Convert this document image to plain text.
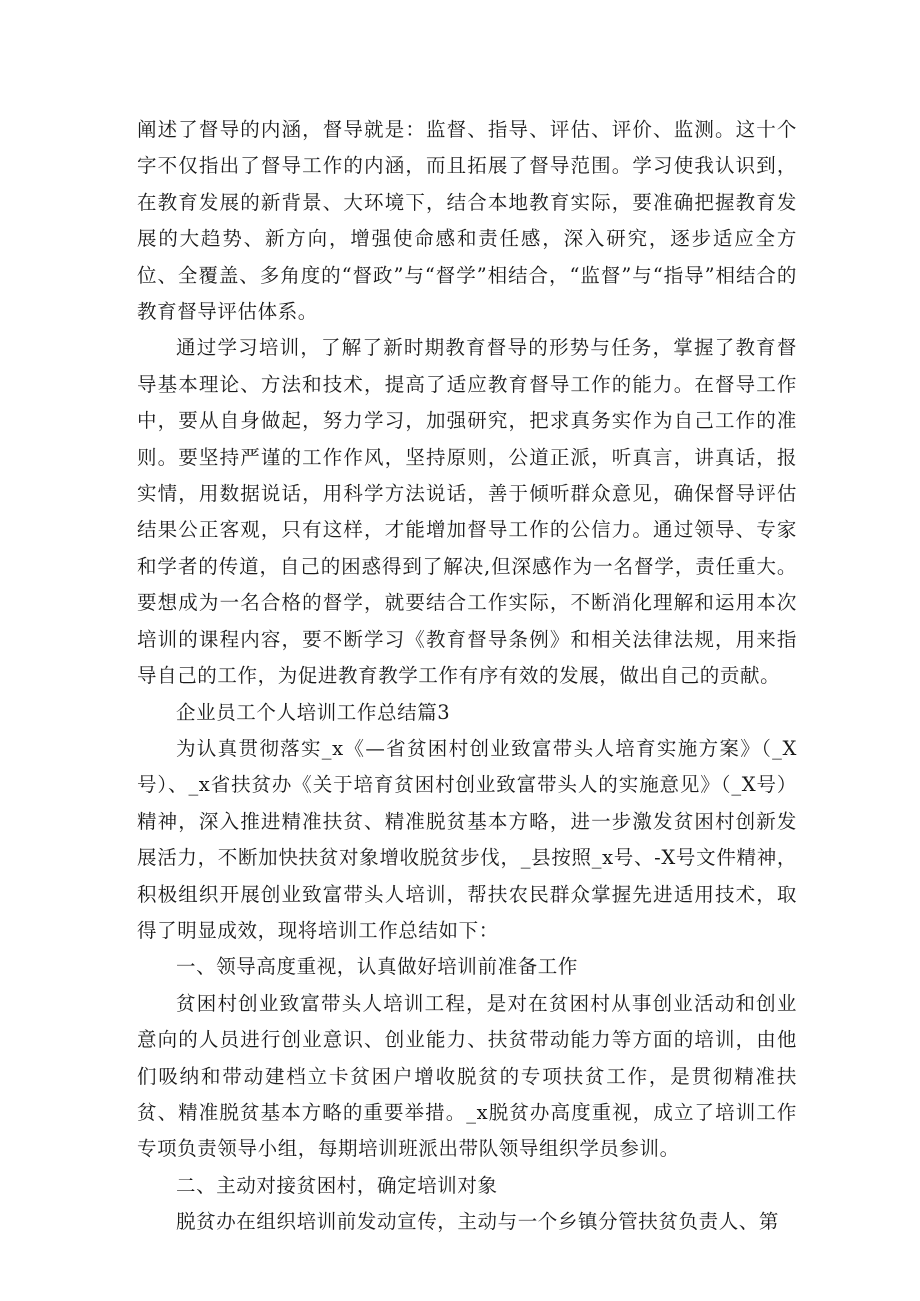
阐述了督导的内涵，督导就是：监督、指导、评估、评价、监测。这十个字不仅指出了督导工作的内涵，而且拓展了督导范围。学习使我认识到，在教育发展的新背景、大环境下，结合本地教育实际，要准确把握教育发展的大趋势、新方向，增强使命感和责任感，深入研究，逐步适应全方位、全覆盖、多角度的“督政”与“督学”相结合，“监督”与“指导”相结合的教育督导评估体系。

通过学习培训，了解了新时期教育督导的形势与任务，掌握了教育督导基本理论、方法和技术，提高了适应教育督导工作的能力。在督导工作中，要从自身做起，努力学习，加强研究，把求真务实作为自己工作的准则。要坚持严谨的工作作风，坚持原则，公道正派，听真言，讲真话，报实情，用数据说话，用科学方法说话，善于倾听群众意见，确保督导评估结果公正客观，只有这样，才能增加督导工作的公信力。通过领导、专家和学者的传道，自己的困惑得到了解决,但深感作为一名督学，责任重大。要想成为一名合格的督学，就要结合工作实际，不断消化理解和运用本次培训的课程内容，要不断学习《教育督导条例》和相关法律法规，用来指导自己的工作，为促进教育教学工作有序有效的发展，做出自己的贡献。

企业员工个人培训工作总结篇3

为认真贯彻落实_x《—省贫困村创业致富带头人培育实施方案》（_X号）、_x省扶贫办《关于培育贫困村创业致富带头人的实施意见》（_X号）精神，深入推进精准扶贫、精准脱贫基本方略，进一步激发贫困村创新发展活力，不断加快扶贫对象增收脱贫步伐，_县按照_x号、-X号文件精神，积极组织开展创业致富带头人培训，帮扶农民群众掌握先进适用技术，取得了明显成效，现将培训工作总结如下：

一、领导高度重视，认真做好培训前准备工作

贫困村创业致富带头人培训工程，是对在贫困村从事创业活动和创业意向的人员进行创业意识、创业能力、扶贫带动能力等方面的培训，由他们吸纳和带动建档立卡贫困户增收脱贫的专项扶贫工作，是贯彻精准扶贫、精准脱贫基本方略的重要举措。_x脱贫办高度重视，成立了培训工作专项负责领导小组，每期培训班派出带队领导组织学员参训。

二、主动对接贫困村，确定培训对象

脱贫办在组织培训前发动宣传，主动与一个乡镇分管扶贫负责人、第
